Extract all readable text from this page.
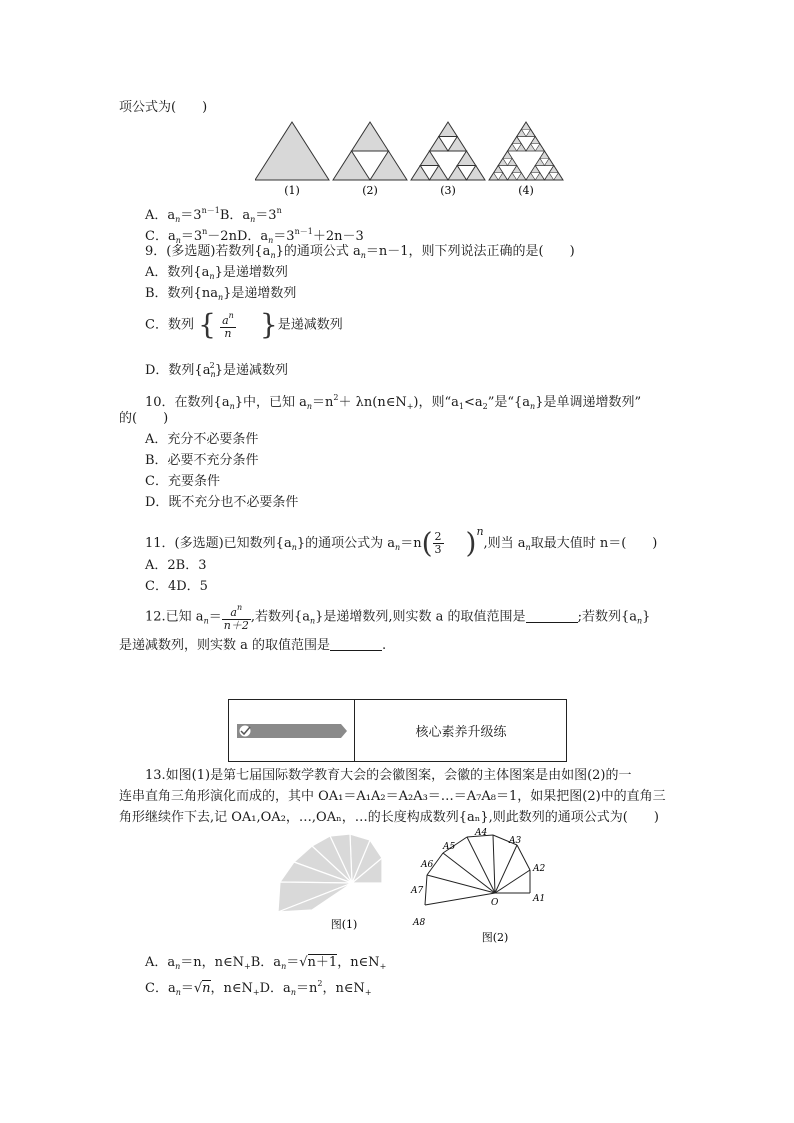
项公式为(　　)
(1)	(2)	(3)	(4)
A．$a_n=3^{n-1}B$．$a_n=3^n$
C．$a_n=3^n-2nD$．$a_n=3^{n-1}+2n-3$
9．(多选题)若数列$\{a_n\}$的通项公式 $a_n=n-1$，则下列说法正确的是(　　)
A．数列$\{a_n\}$是递增数列
B．数列$\{na_n\}$是递增数列
C．数列 { $\frac{a^n}{n}$ }是递减数列
D．数列$\{a_n^2\}$是递减数列
10．在数列$\{a_n\}$中，已知 $a_n=n^2+$ $\lambda n(n\in N_+)$，则“$a_1<a_2$”是“$\{a_n\}$是单调递增数列”
的(　　)
A．充分不必要条件
B．必要不充分条件
C．充要条件
D．既不充分也不必要条件
11．(多选题)已知数列$\{a_n\}$的通项公式为 $a_n=n( \frac{2}{3} )^n$,则当 $a_n$取最大值时 n＝(　　)
A．2B．3
C．4D．5
12.已知 $a_n= \frac{a^n}{n+2}$ ,若数列$\{a_n\}$是递增数列,则实数 a 的取值范围是	;若数列$\{a_n\}$
是递减数列，则实数 a 的取值范围是	.
核心素养升级练
13.如图(1)是第七届国际数学教育大会的会徽图案，会徽的主体图案是由如图(2)的一
连串直角三角形演化而成的，其中 OA₁＝A₁A₂＝A₂A₃＝…＝A₇A₈＝1，如果把图(2)中的直角三
角形继续作下去,记 OA₁,OA₂，…,OAₙ，…的长度构成数列{aₙ},则此数列的通项公式为(　　)
图(1)
A1
A2
A3
A4
A5
A6
A7
A8
O
图(2)
A．$a_n=n$，$n\in N_+B$．$a_n=√n+1$，$n\in N_+$
C．$a_n=√n$，$n\in N_+D$．$a_n=n^2$，$n\in N_+$
